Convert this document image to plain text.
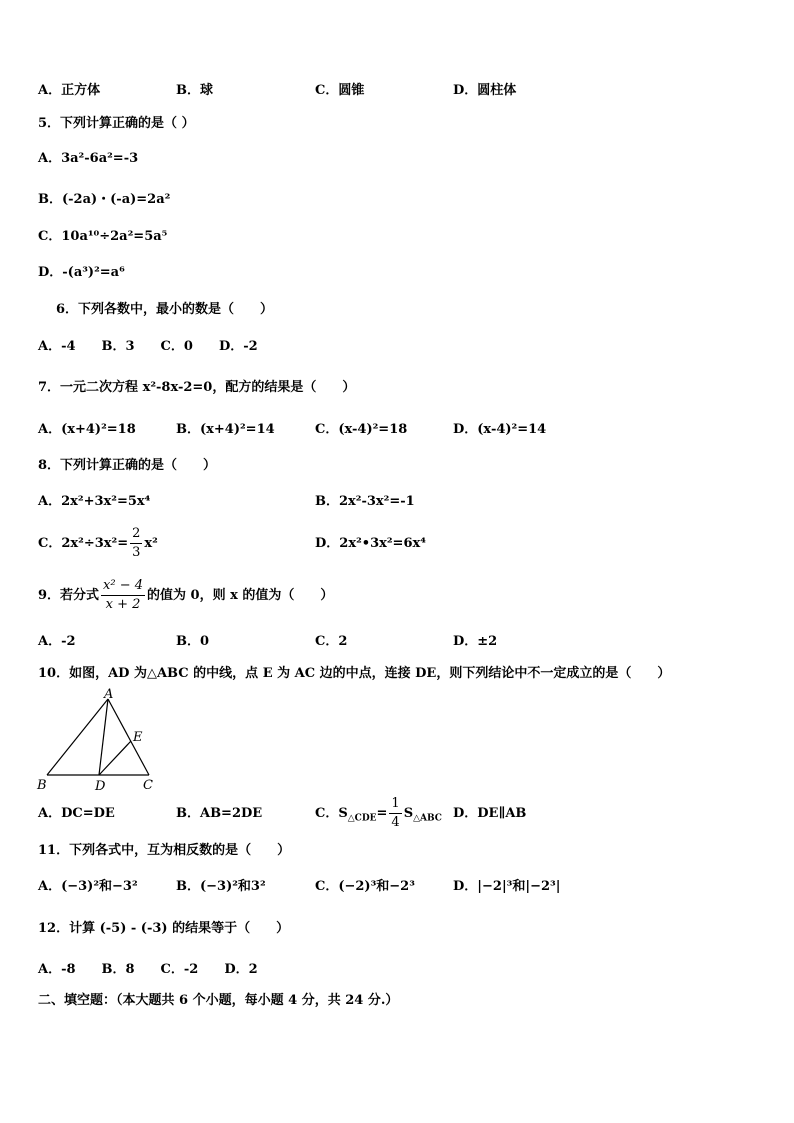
A．正方体	B．球	C．圆锥	D．圆柱体
5．下列计算正确的是（ ）
A．3a²-6a²=-3
B．(-2a)・(-a)=2a²
C．10a¹⁰÷2a²=5a⁵
D．-(a³)²=a⁶
6．下列各数中，最小的数是（　　）
A．-4　　B．3　　C．0　　D．-2
7．一元二次方程 x²-8x-2=0，配方的结果是（　　）
A．(x+4)²=18	B．(x+4)²=14	C．(x-4)²=18	D．(x-4)²=14
8．下列计算正确的是（　　）
A．2x²+3x²=5x⁴	B．2x²-3x²=-1
C．$2x^2\div 3x^2= \frac{2}{3} x^2$	D．2x²•3x²=6x⁴
9．若分式 $\frac{\text{x² − 4}}{x + 2}$ 的值为 0，则 x 的值为（　　）
A．-2	B．0	C．2	D．±2
10．如图，AD 为△ABC 的中线，点 E 为 AC 边的中点，连接 DE，则下列结论中不一定成立的是（　　）
A
B	C
D
E
A．DC=DE	B．AB=2DE	C．$S_{\triangle CDE}= \frac{1}{4} S_{\triangle ABC}$ D．DE∥AB
11．下列各式中，互为相反数的是（　　）
A．(−3)²和−3²	B．(−3)²和3²	C．(−2)³和−2³	D．|−2|³和|−2³|
12．计算 (-5) - (-3) 的结果等于（　　）
A．-8　　B．8　　C．-2　　D．2
二、填空题：（本大题共 6 个小题，每小题 4 分，共 24 分.）
